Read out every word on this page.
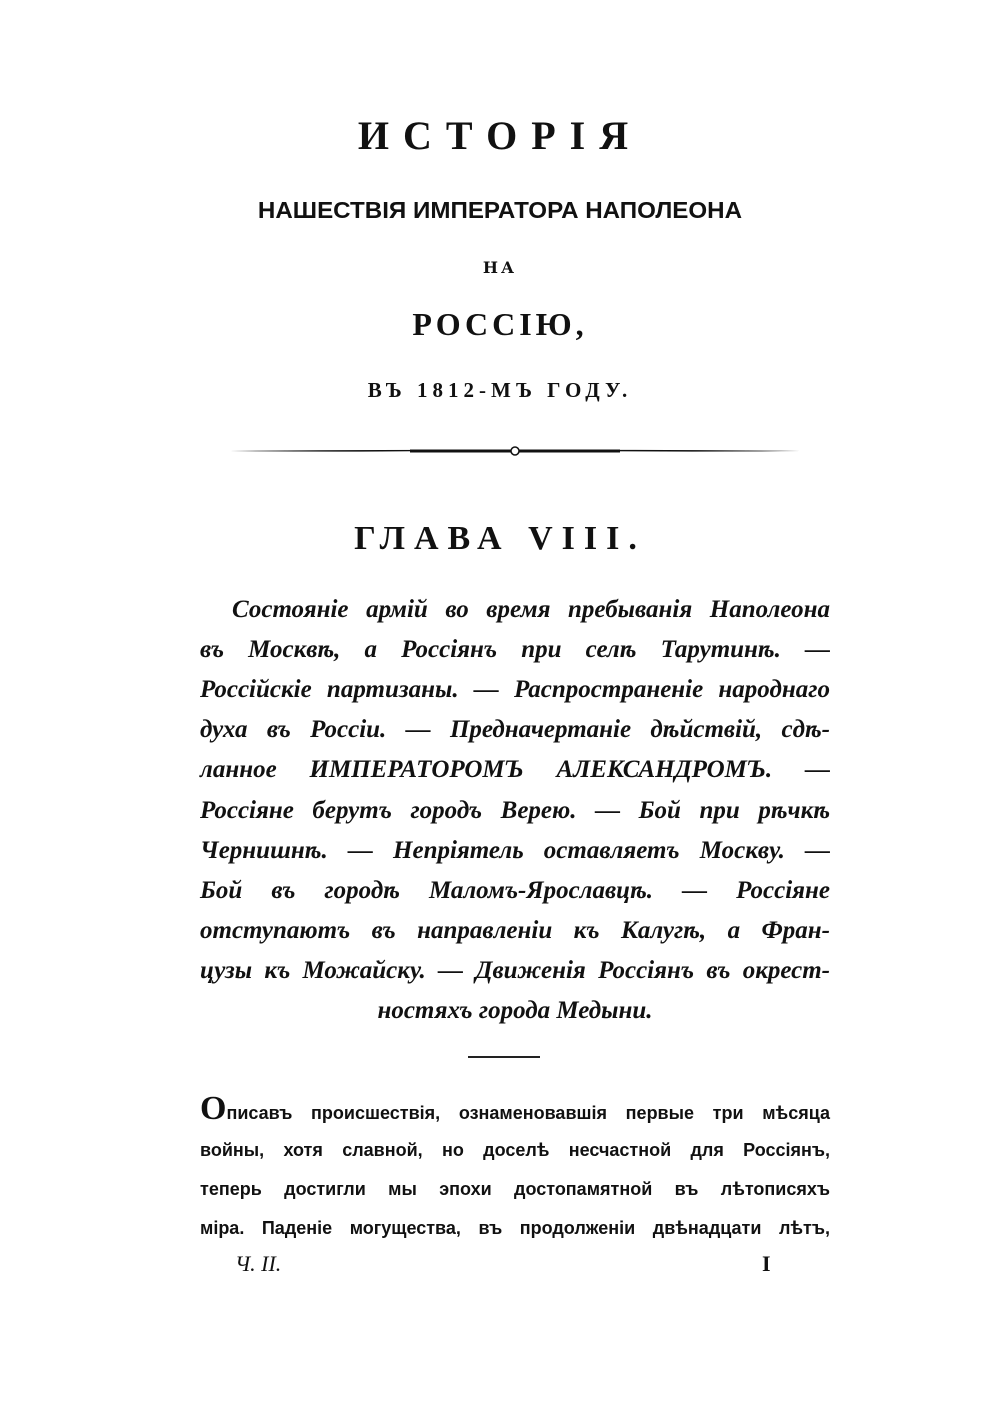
ИСТОРІЯ
НАШЕСТВІЯ ИМПЕРАТОРА НАПОЛЕОНА
НА
РОССІЮ,
ВЪ 1812-МЪ ГОДУ.
ГЛАВА VIII.
Состояніе армій во время пребыванія Наполеона
въ Москвѣ, а Россіянъ при селѣ Тарутинѣ. —
Россійскіе партизаны. — Распространеніе народнаго
духа въ Россіи. — Предначертаніе дѣйствій, сдѣ-
ланное ИМПЕРАТОРОМЪ АЛЕКСАНДРОМЪ. —
Россіяне берутъ городъ Верею. — Бой при рѣчкѣ
Чернишнѣ. — Непріятель оставляетъ Москву. —
Бой въ городѣ Маломъ-Ярославцѣ. — Россіяне
отступаютъ въ направленіи къ Калугѣ, а Фран-
цузы къ Можайску. — Движенія Россіянъ въ окрест-
ностяхъ города Медыни.
Описавъ происшествія, ознаменовавшія первые три мѣсяца
войны, хотя славной, но доселѣ несчастной для Россіянъ,
теперь достигли мы эпохи достопамятной въ лѣтописяхъ
міра. Паденіе могущества, въ продолженіи двѣнадцати лѣтъ,
Ч. II.	I
